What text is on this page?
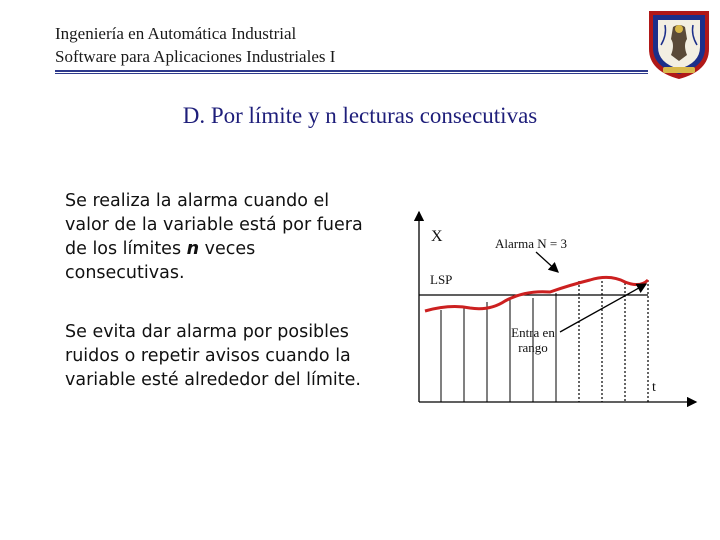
Ingeniería en Automática Industrial
Software para Aplicaciones Industriales I
D. Por límite y n lecturas consecutivas
Se realiza la alarma cuando el valor de la variable está por fuera de los límites n veces consecutivas.
Se evita dar alarma por posibles ruidos o repetir avisos cuando la variable esté alrededor del límite.
X
LSP
Alarma N = 3
Entra en
rango
t
